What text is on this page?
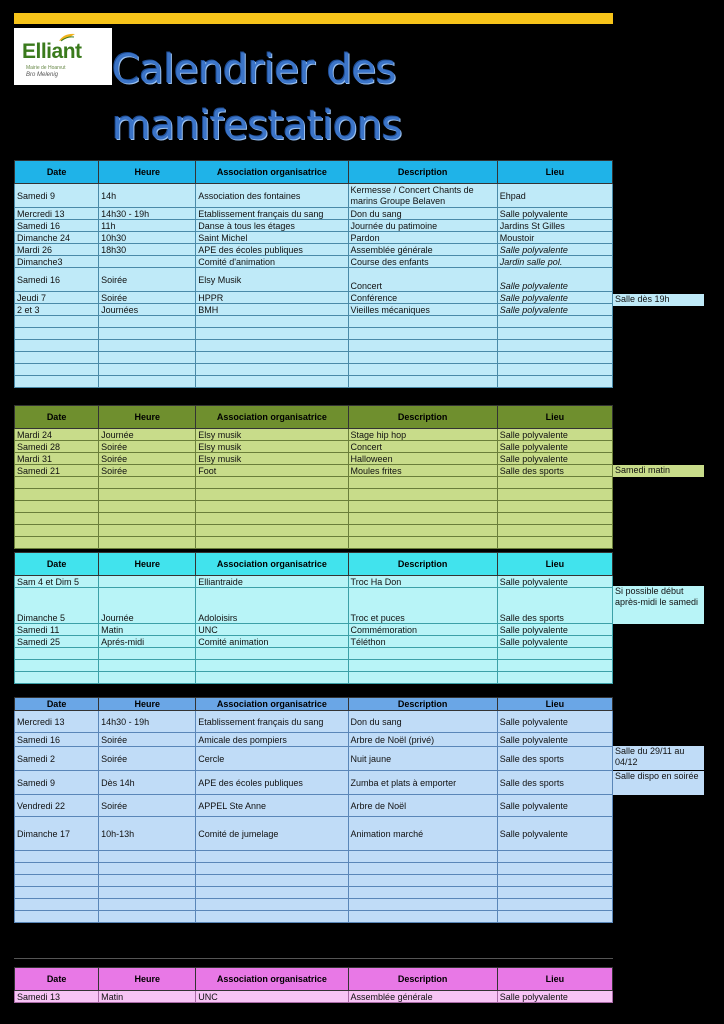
Elliant
Mairie de Hoarvut
Bro Melenig Calendrier des
manifestations
Date	Heure	Association organisatrice	Description	Lieu
Samedi 9	14h	Association des fontaines	Kermesse / Concert Chants de marins Groupe Belaven	Ehpad
Mercredi 13	14h30 - 19h	Etablissement français du sang	Don du sang	Salle polyvalente
Samedi 16	11h	Danse à tous les étages	Journée du patimoine	Jardins St Gilles
Dimanche 24	10h30	Saint Michel	Pardon	Moustoir
Mardi 26	18h30	APE des écoles publiques	Assemblée générale	Salle polyvalente
Dimanche3		Comité d'animation	Course des enfants	Jardin salle pol.
Samedi 16	Soirée	Elsy Musik	Concert	Salle polyvalente
Jeudi 7	Soirée	HPPR	Conférence	Salle polyvalente
2 et 3	Journées	BMH	Vieilles mécaniques	Salle polyvalente

Salle dès 19h
Date	Heure	Association organisatrice	Description	Lieu
Mardi 24	Journée	Elsy musik	Stage hip hop	Salle polyvalente
Samedi 28	Soirée	Elsy musik	Concert	Salle polyvalente
Mardi 31	Soirée	Elsy musik	Halloween	Salle polyvalente
Samedi 21	Soirée	Foot	Moules frites	Salle des sports

					Samedi matin
Date	Heure	Association organisatrice	Description	Lieu
Sam 4 et Dim 5		Elliantraide	Troc Ha Don	Salle polyvalente
Dimanche 5	Journée	Adoloisirs	Troc et puces	Salle des sports
Samedi 11	Matin	UNC	Commémoration	Salle polyvalente
Samedi 25	Aprés-midi	Comité animation	Téléthon	Salle polyvalente

Si possible début après-midi le samedi
Date	Heure	Association organisatrice	Description	Lieu
Mercredi 13	14h30 - 19h	Etablissement français du sang	Don du sang	Salle polyvalente
Samedi 16	Soirée	Amicale des pompiers	Arbre de Noël (privé)	Salle polyvalente
Samedi 2	Soirée	Cercle	Nuit jaune	Salle des sports
Samedi 9	Dès 14h	APE des écoles publiques	Zumba et plats à emporter	Salle des sports
Vendredi 22	Soirée	APPEL Ste Anne	Arbre de Noël	Salle polyvalente
Dimanche 17	10h-13h	Comité de jumelage	Animation marché	Salle polyvalente

Salle du 29/11 au 04/12
Salle dispo en soirée
Date	Heure	Association organisatrice	Description	Lieu
Samedi 13	Matin	UNC	Assemblée générale	Salle polyvalente
